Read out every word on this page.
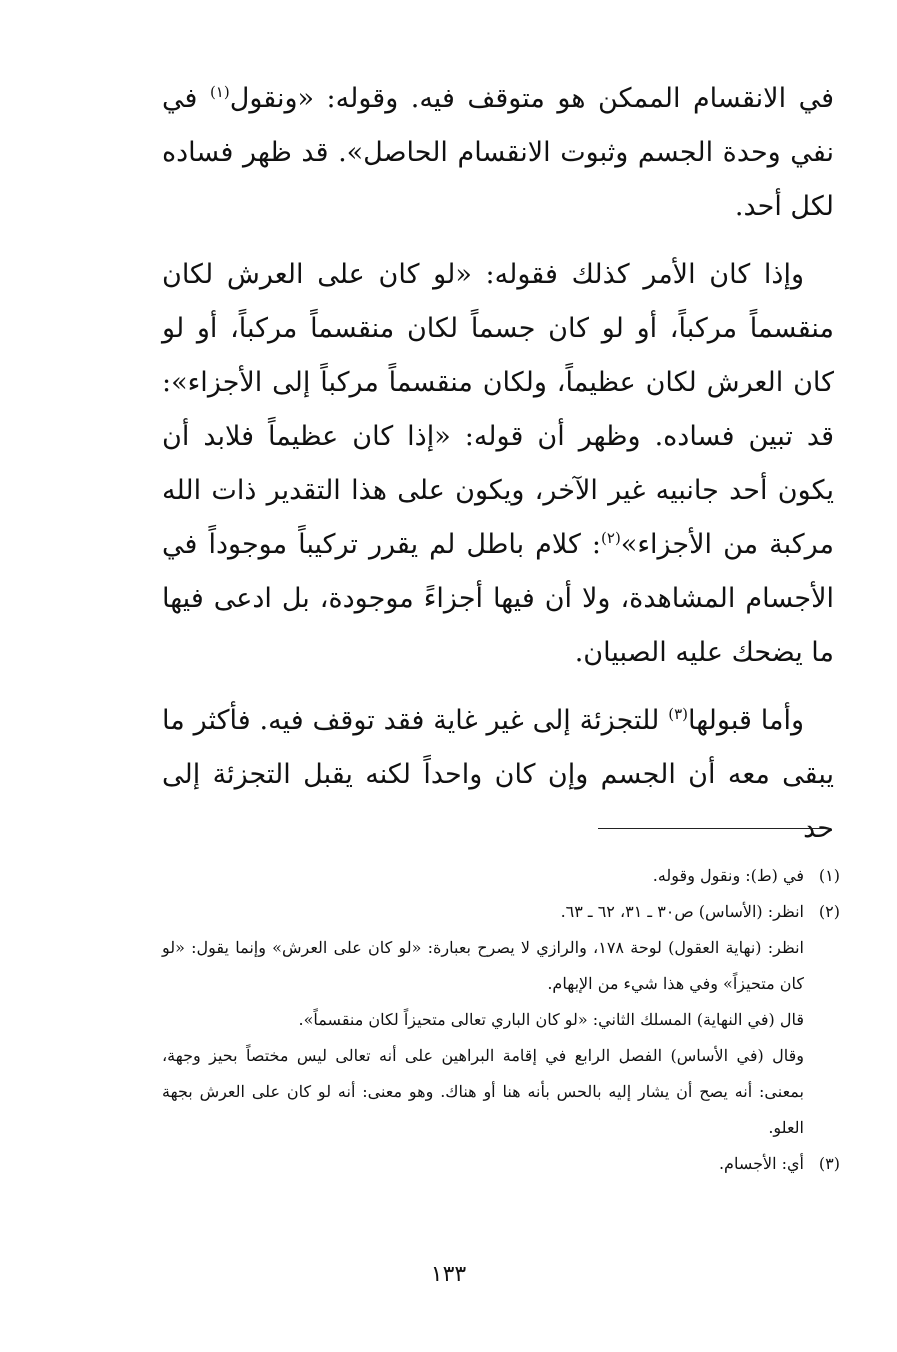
في الانقسام الممكن هو متوقف فيه. وقوله: «ونقول$^{(١)}$ في نفي وحدة الجسم وثبوت الانقسام الحاصل». قد ظهر فساده لكل أحد.

وإذا كان الأمر كذلك فقوله: «لو كان على العرش لكان منقسماً مركباً، أو لو كان جسماً لكان منقسماً مركباً، أو لو كان العرش لكان عظيماً، ولكان منقسماً مركباً إلى الأجزاء»: قد تبين فساده. وظهر أن قوله: «إذا كان عظيماً فلابد أن يكون أحد جانبيه غير الآخر، ويكون على هذا التقدير ذات الله مركبة من الأجزاء»$^{(٢)}$: كلام باطل لم يقرر تركيباً موجوداً في الأجسام المشاهدة، ولا أن فيها أجزاءً موجودة، بل ادعى فيها ما يضحك عليه الصبيان.

وأما قبولها$^{(٣)}$ للتجزئة إلى غير غاية فقد توقف فيه. فأكثر ما يبقى معه أن الجسم وإن كان واحداً لكنه يقبل التجزئة إلى حد

(١)
في (ط): ونقول وقوله.
(٢)
انظر: (الأساس) ص٣٠ ـ ٣١، ٦٢ ـ ٦٣.
انظر: (نهاية العقول) لوحة ١٧٨، والرازي لا يصرح بعبارة: «لو كان على العرش» وإنما يقول: «لو كان متحيزاً» وفي هذا شيء من الإبهام.
قال (في النهاية) المسلك الثاني: «لو كان الباري تعالى متحيزاً لكان منقسماً».
وقال (في الأساس) الفصل الرابع في إقامة البراهين على أنه تعالى ليس مختصاً بحيز وجهة، بمعنى: أنه يصح أن يشار إليه بالحس بأنه هنا أو هناك. وهو معنى: أنه لو كان على العرش بجهة العلو.
(٣)
أي: الأجسام.
١٣٣
